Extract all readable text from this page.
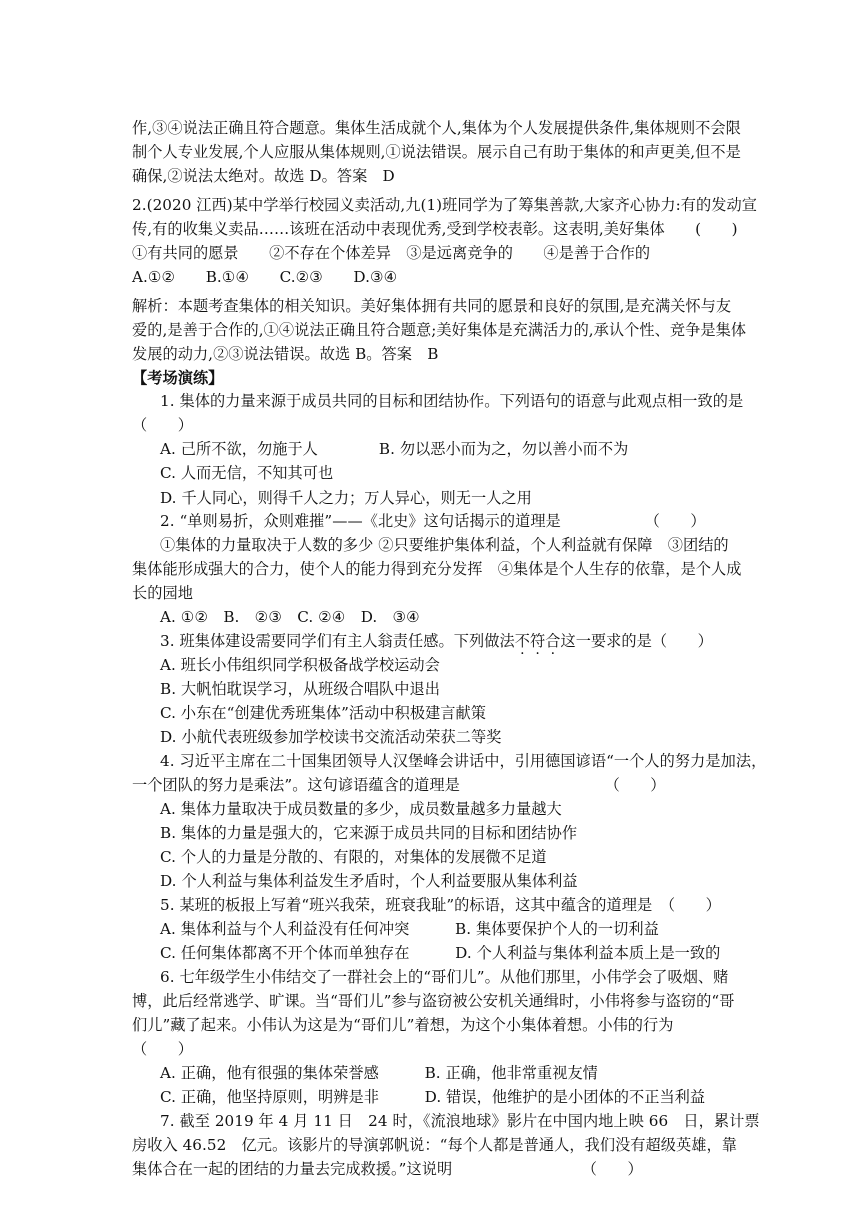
作,③④说法正确且符合题意。集体生活成就个人,集体为个人发展提供条件,集体规则不会限
制个人专业发展,个人应服从集体规则,①说法错误。展示自己有助于集体的和声更美,但不是
确保,②说法太绝对。故选 D。答案　D
2.(2020 江西)某中学举行校园义卖活动,九(1)班同学为了筹集善款,大家齐心协力:有的发动宣
传,有的收集义卖品……该班在活动中表现优秀,受到学校表彰。这表明,美好集体　　(　　)
①有共同的愿景　　②不存在个体差异　③是远离竞争的　　④是善于合作的
A.①②　　B.①④　　C.②③　　D.③④
解析：本题考查集体的相关知识。美好集体拥有共同的愿景和良好的氛围,是充满关怀与友
爱的,是善于合作的,①④说法正确且符合题意;美好集体是充满活力的,承认个性、竞争是集体
发展的动力,②③说法错误。故选 B。答案　B
【考场演练】
1. 集体的力量来源于成员共同的目标和团结协作。下列语句的语意与此观点相一致的是
（　　）
A. 己所不欲，勿施于人　　　　B. 勿以恶小而为之，勿以善小而不为
C. 人而无信，不知其可也
D. 千人同心，则得千人之力；万人异心，则无一人之用
2. “单则易折，众则难摧”——《北史》这句话揭示的道理是　　　　　　（　　）
①集体的力量取决于人数的多少 ②只要维护集体利益，个人利益就有保障　③团结的
集体能形成强大的合力，使个人的能力得到充分发挥　④集体是个人生存的依靠，是个人成
长的园地
A. ①②　B.　②③　C. ②④　D.　③④
3. 班集体建设需要同学们有主人翁责任感。下列做法不符合这一要求的是（　　）
A. 班长小伟组织同学积极备战学校运动会
B. 大帆怕耽误学习，从班级合唱队中退出
C. 小东在“创建优秀班集体”活动中积极建言献策
D. 小航代表班级参加学校读书交流活动荣获二等奖
4. 习近平主席在二十国集团领导人汉堡峰会讲话中，引用德国谚语“一个人的努力是加法，
一个团队的努力是乘法”。这句谚语蕴含的道理是　　　　　　　　　　（　　）
A. 集体力量取决于成员数量的多少，成员数量越多力量越大
B. 集体的力量是强大的，它来源于成员共同的目标和团结协作
C. 个人的力量是分散的、有限的，对集体的发展微不足道
D. 个人利益与集体利益发生矛盾时，个人利益要服从集体利益
5. 某班的板报上写着“班兴我荣，班衰我耻”的标语，这其中蕴含的道理是　（　　）
A. 集体利益与个人利益没有任何冲突　　　B. 集体要保护个人的一切利益
C. 任何集体都离不开个体而单独存在　　　D. 个人利益与集体利益本质上是一致的
6. 七年级学生小伟结交了一群社会上的“哥们儿”。从他们那里，小伟学会了吸烟、赌
博，此后经常逃学、旷课。当“哥们儿”参与盗窃被公安机关通缉时，小伟将参与盗窃的“哥
们儿”藏了起来。小伟认为这是为“哥们儿”着想，为这个小集体着想。小伟的行为
（　　）
A. 正确，他有很强的集体荣誉感　　　B. 正确，他非常重视友情
C. 正确，他坚持原则，明辨是非　　　D. 错误，他维护的是小团体的不正当利益
7. 截至 2019 年 4 月 11 日　24 时，《流浪地球》影片在中国内地上映 66　日，累计票
房收入 46.52　亿元。该影片的导演郭帆说：“每个人都是普通人，我们没有超级英雄，靠
集体合在一起的团结的力量去完成救援。”这说明　　　　　　　　　（　　）
